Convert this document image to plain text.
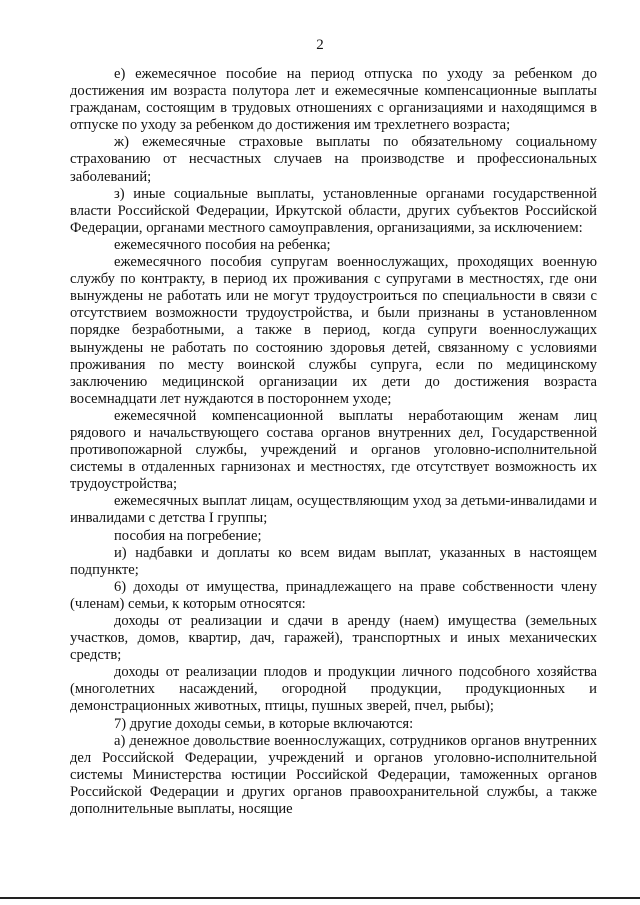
2

е) ежемесячное пособие на период отпуска по уходу за ребенком до достижения им возраста полутора лет и ежемесячные компенсационные выплаты гражданам, состоящим в трудовых отношениях с организациями и находящимся в отпуске по уходу за ребенком до достижения им трехлетнего возраста;

ж) ежемесячные страховые выплаты по обязательному социальному страхованию от несчастных случаев на производстве и профессиональных заболеваний;

з) иные социальные выплаты, установленные органами государственной власти Российской Федерации, Иркутской области, других субъектов Российской Федерации, органами местного самоуправления, организациями, за исключением:

ежемесячного пособия на ребенка;

ежемесячного пособия супругам военнослужащих, проходящих военную службу по контракту, в период их проживания с супругами в местностях, где они вынуждены не работать или не могут трудоустроиться по специальности в связи с отсутствием возможности трудоустройства, и были признаны в установленном порядке безработными, а также в период, когда супруги военнослужащих вынуждены не работать по состоянию здоровья детей, связанному с условиями проживания по месту воинской службы супруга, если по медицинскому заключению медицинской организации их дети до достижения возраста восемнадцати лет нуждаются в постороннем уходе;

ежемесячной компенсационной выплаты неработающим женам лиц рядового и начальствующего состава органов внутренних дел, Государственной противопожарной службы, учреждений и органов уголовно-исполнительной системы в отдаленных гарнизонах и местностях, где отсутствует возможность их трудоустройства;

ежемесячных выплат лицам, осуществляющим уход за детьми-инвалидами и инвалидами с детства I группы;

пособия на погребение;

и) надбавки и доплаты ко всем видам выплат, указанных в настоящем подпункте;

6) доходы от имущества, принадлежащего на праве собственности члену (членам) семьи, к которым относятся:

доходы от реализации и сдачи в аренду (наем) имущества (земельных участков, домов, квартир, дач, гаражей), транспортных и иных механических средств;

доходы от реализации плодов и продукции личного подсобного хозяйства (многолетних насаждений, огородной продукции, продукционных и демонстрационных животных, птицы, пушных зверей, пчел, рыбы);

7) другие доходы семьи, в которые включаются:

а) денежное довольствие военнослужащих, сотрудников органов внутренних дел Российской Федерации, учреждений и органов уголовно-исполнительной системы Министерства юстиции Российской Федерации, таможенных органов Российской Федерации и других органов правоохранительной службы, а также дополнительные выплаты, носящие
